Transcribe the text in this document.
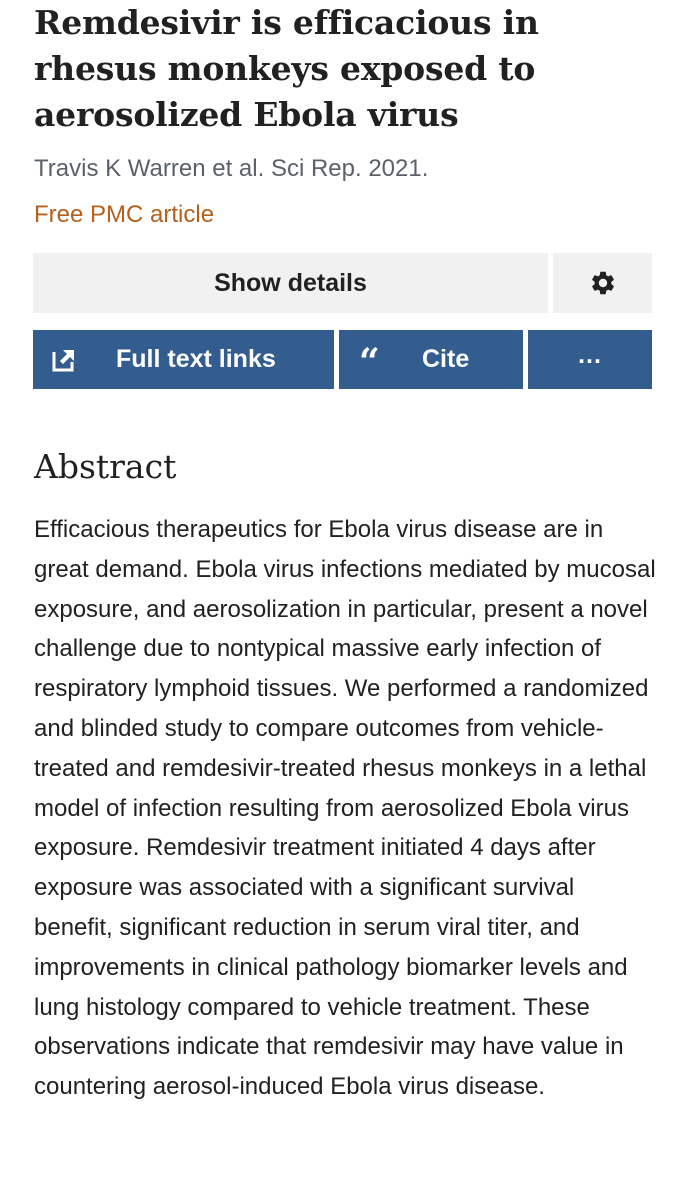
Remdesivir is efficacious in rhesus monkeys exposed to aerosolized Ebola virus
Travis K Warren et al. Sci Rep. 2021.
Free PMC article
Show details
Full text links “ Cite	...
Abstract

Efficacious therapeutics for Ebola virus disease are in great demand. Ebola virus infections mediated by mucosal exposure, and aerosolization in particular, present a novel challenge due to nontypical massive early infection of respiratory lymphoid tissues. We performed a randomized and blinded study to compare outcomes from vehicle-treated and remdesivir-treated rhesus monkeys in a lethal model of infection resulting from aerosolized Ebola virus exposure. Remdesivir treatment initiated 4 days after exposure was associated with a significant survival benefit, significant reduction in serum viral titer, and improvements in clinical pathology biomarker levels and lung histology compared to vehicle treatment. These observations indicate that remdesivir may have value in countering aerosol-induced Ebola virus disease.
